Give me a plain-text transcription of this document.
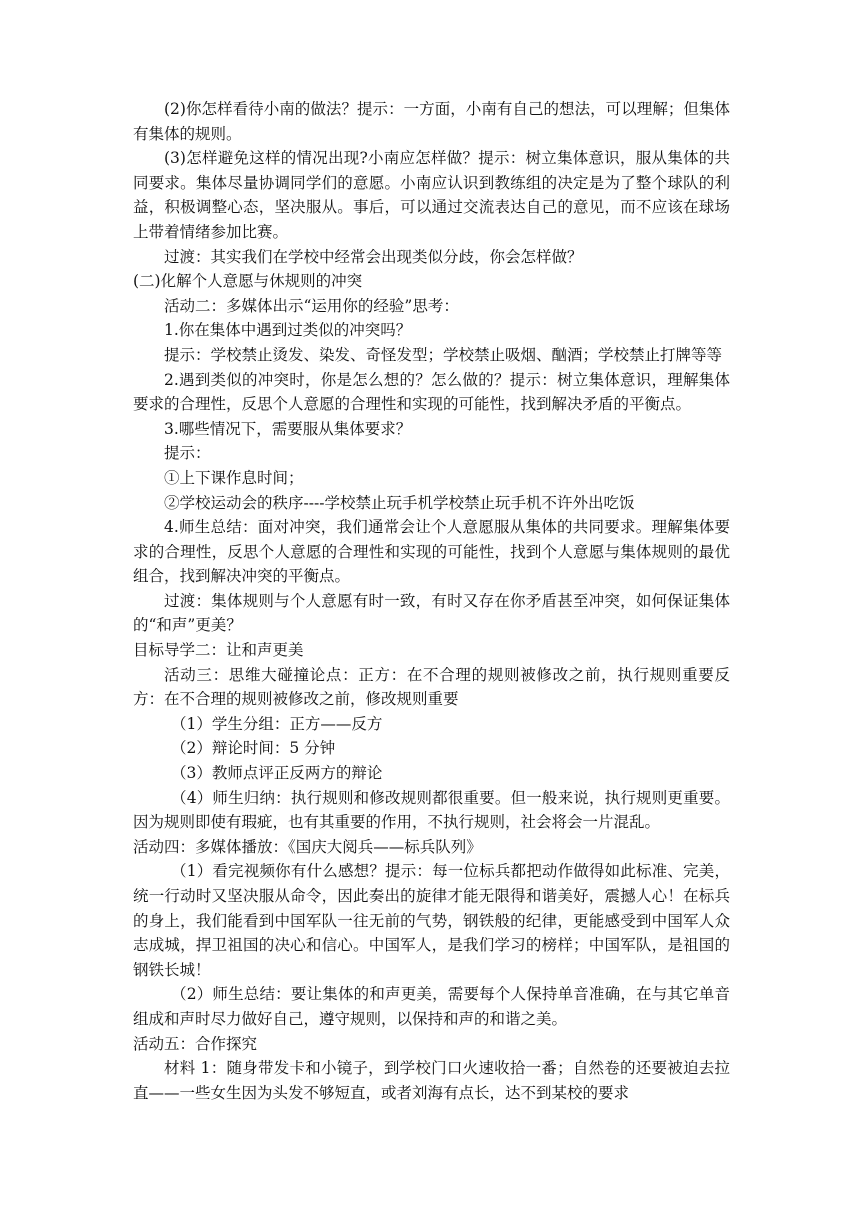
(2)你怎样看待小南的做法？提示：一方面，小南有自己的想法，可以理解；但集体有集体的规则。

(3)怎样避免这样的情况出现?小南应怎样做？提示：树立集体意识，服从集体的共同要求。集体尽量协调同学们的意愿。小南应认识到教练组的决定是为了整个球队的利益，积极调整心态，坚决服从。事后，可以通过交流表达自己的意见，而不应该在球场上带着情绪参加比赛。

过渡：其实我们在学校中经常会出现类似分歧，你会怎样做？

(二)化解个人意愿与休规则的冲突

活动二：多媒体出示“运用你的经验”思考：

1.你在集体中遇到过类似的冲突吗？

提示：学校禁止烫发、染发、奇怪发型；学校禁止吸烟、酗酒；学校禁止打牌等等

2.遇到类似的冲突时，你是怎么想的？怎么做的？提示：树立集体意识，理解集体要求的合理性，反思个人意愿的合理性和实现的可能性，找到解决矛盾的平衡点。

3.哪些情况下，需要服从集体要求？

提示：

①上下课作息时间；

②学校运动会的秩序----学校禁止玩手机学校禁止玩手机不许外出吃饭

4.师生总结：面对冲突，我们通常会让个人意愿服从集体的共同要求。理解集体要求的合理性，反思个人意愿的合理性和实现的可能性，找到个人意愿与集体规则的最优组合，找到解决冲突的平衡点。

过渡：集体规则与个人意愿有时一致，有时又存在你矛盾甚至冲突，如何保证集体的“和声”更美？

目标导学二：让和声更美

活动三：思维大碰撞论点：正方：在不合理的规则被修改之前，执行规则重要反方：在不合理的规则被修改之前，修改规则重要

（1）学生分组：正方——反方

（2）辩论时间：5 分钟

（3）教师点评正反两方的辩论

（4）师生归纳：执行规则和修改规则都很重要。但一般来说，执行规则更重要。因为规则即使有瑕疵，也有其重要的作用，不执行规则，社会将会一片混乱。

活动四：多媒体播放：《国庆大阅兵——标兵队列》

（1）看完视频你有什么感想？提示：每一位标兵都把动作做得如此标准、完美，统一行动时又坚决服从命令，因此奏出的旋律才能无限得和谐美好，震撼人心！在标兵的身上，我们能看到中国军队一往无前的气势，钢铁般的纪律，更能感受到中国军人众志成城，捍卫祖国的决心和信心。中国军人，是我们学习的榜样；中国军队，是祖国的钢铁长城！

（2）师生总结：要让集体的和声更美，需要每个人保持单音准确，在与其它单音组成和声时尽力做好自己，遵守规则，以保持和声的和谐之美。

活动五：合作探究

材料 1：随身带发卡和小镜子，到学校门口火速收拾一番；自然卷的还要被迫去拉直——一些女生因为头发不够短直，或者刘海有点长，达不到某校的要求
